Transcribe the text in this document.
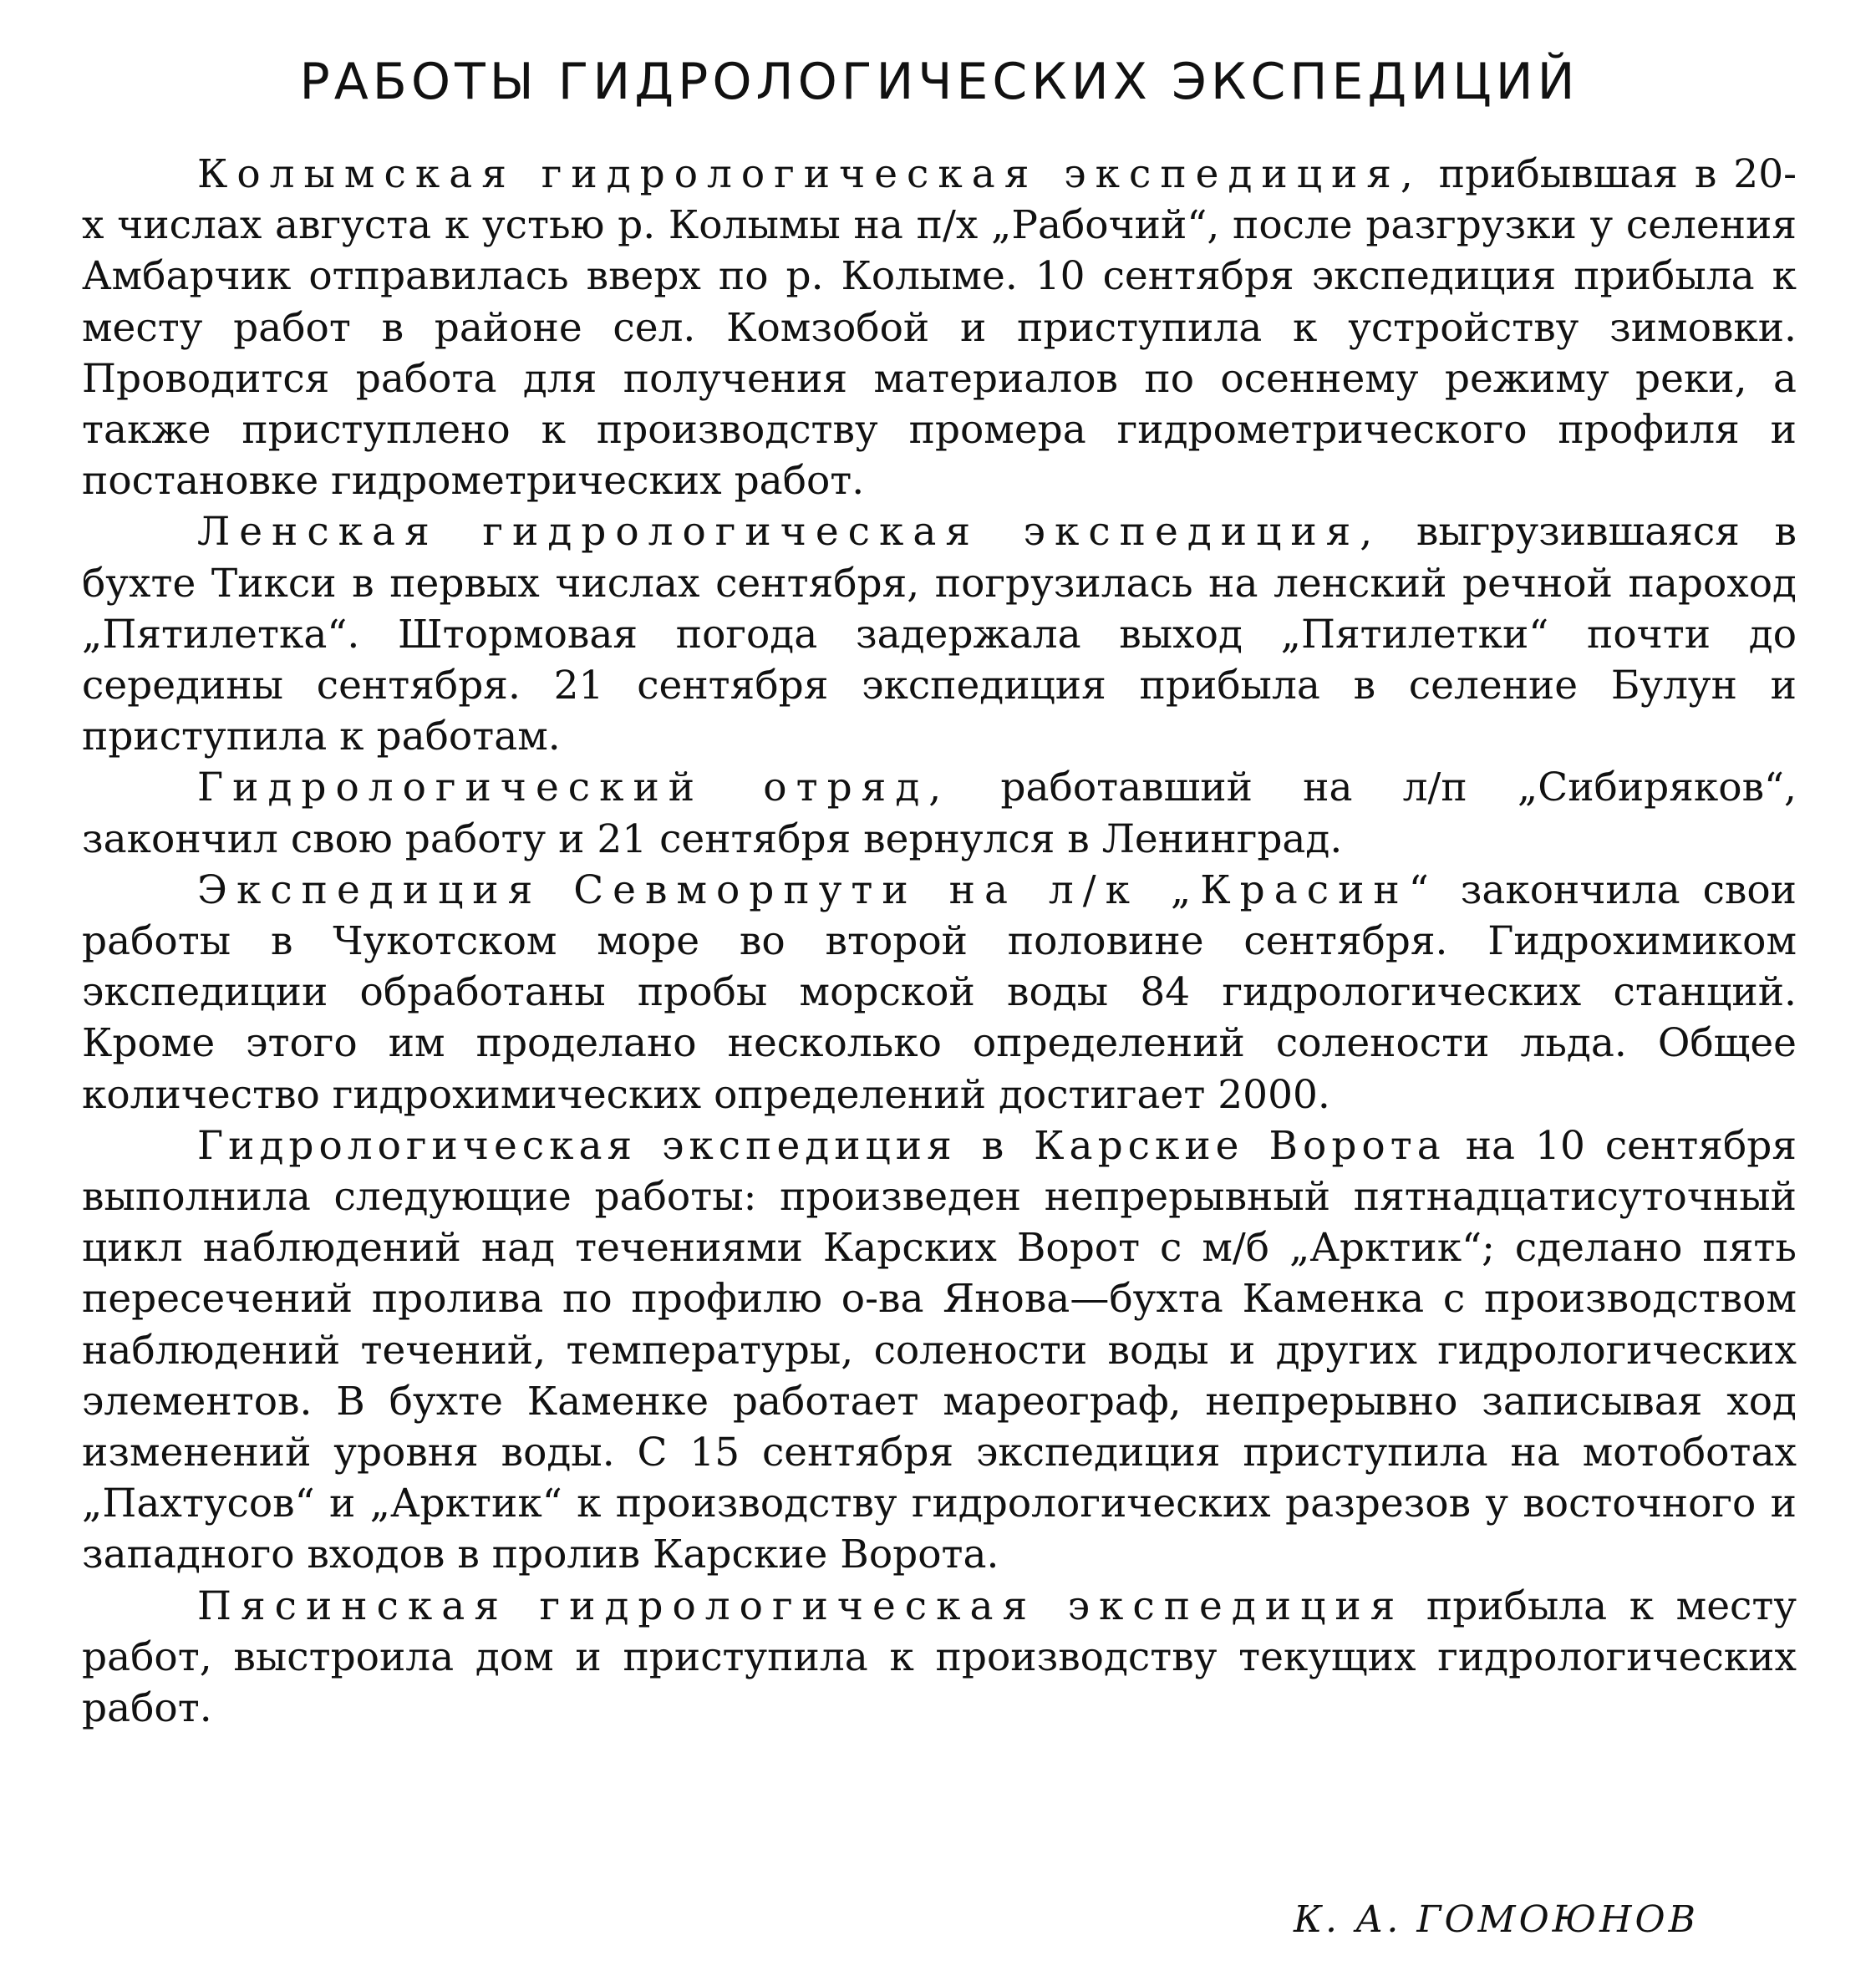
РАБОТЫ ГИДРОЛОГИЧЕСКИХ ЭКСПЕДИЦИЙ

Колымская гидрологическая экспедиция, прибывшая в 20-х числах августа к устью р. Колымы на п/х „Рабочий“, после разгрузки у селения Амбарчик отправилась вверх по р. Колыме. 10 сентября экспедиция прибыла к месту работ в районе сел. Комзобой и приступила к устройству зимовки. Проводится работа для получения материалов по осеннему режиму реки, а также приступлено к производству промера гидрометрического профиля и постановке гидрометрических работ.

Ленская гидрологическая экспедиция, выгрузившаяся в бухте Тикси в первых числах сентября, погрузилась на ленский речной пароход „Пятилетка“. Штормовая погода задержала выход „Пятилетки“ почти до середины сентября. 21 сентября экспедиция прибыла в селение Булун и приступила к работам.

Гидрологический отряд, работавший на л/п „Сибиряков“, закончил свою работу и 21 сентября вернулся в Ленинград.

Экспедиция Севморпути на л/к „Красин“ закончила свои работы в Чукотском море во второй половине сентября. Гидрохимиком экспедиции обработаны пробы морской воды 84 гидрологических станций. Кроме этого им проделано несколько определений солености льда. Общее количество гидрохимических определений достигает 2000.

Гидрологическая экспедиция в Карские Ворота на 10 сентября выполнила следующие работы: произведен непрерывный пятнадцатисуточный цикл наблюдений над течениями Карских Ворот с м/б „Арктик“; сделано пять пересечений пролива по профилю о-ва Янова—бухта Каменка с производством наблюдений течений, температуры, солености воды и других гидрологических элементов. В бухте Каменке работает мареограф, непрерывно записывая ход изменений уровня воды. С 15 сентября экспедиция приступила на мотоботах „Пахтусов“ и „Арктик“ к производству гидрологических разрезов у восточного и западного входов в пролив Карские Ворота.

Пясинская гидрологическая экспедиция прибыла к месту работ, выстроила дом и приступила к производству текущих гидрологических работ.

К. А. ГОМОЮНОВ
